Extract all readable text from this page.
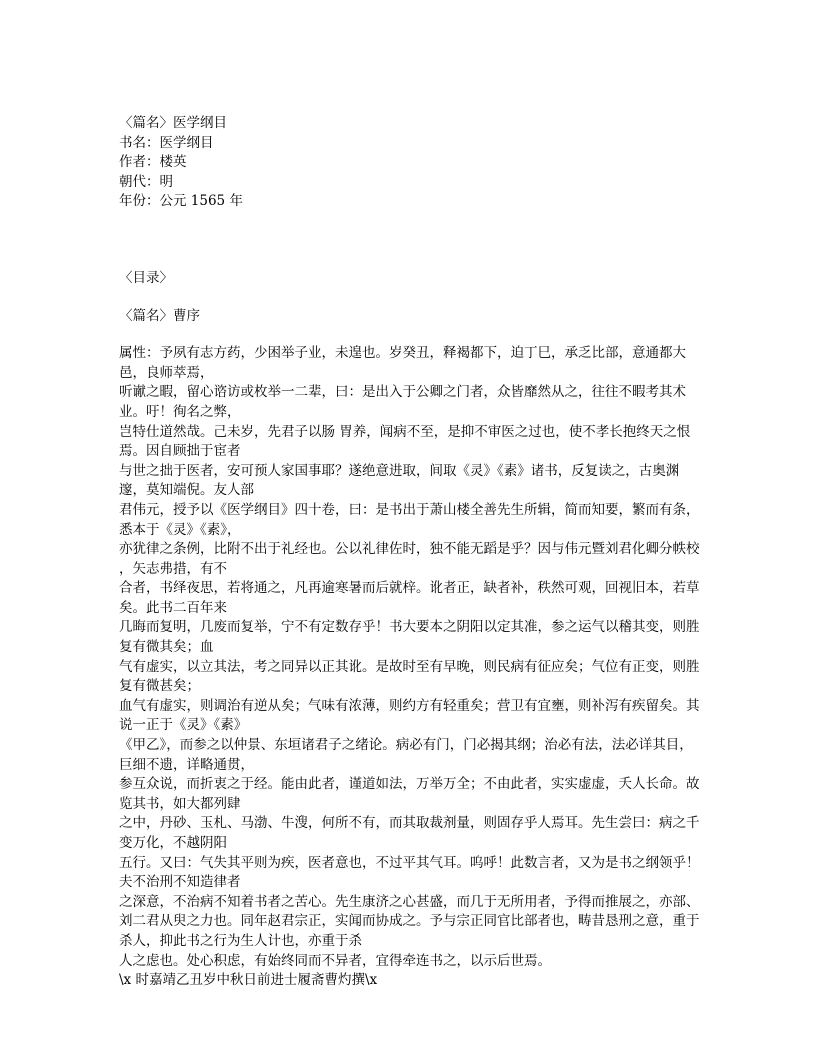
〈篇名〉医学纲目
书名：医学纲目
作者：楼英
朝代：明
年份：公元 1565 年
〈目录〉
〈篇名〉曹序
属性：予夙有志方药，少困举子业，未遑也。岁癸丑，释褐都下，迫丁巳，承乏比部，意通都大邑，良师萃焉，
听谳之暇，留心谘访或枚举一二辈，曰：是出入于公卿之门者，众皆靡然从之，往往不暇考其术业。吁！徇名之弊，
岂特仕道然哉。己未岁，先君子以肠 胃养，闻病不至，是抑不审医之过也，使不孝长抱终天之恨焉。因自顾拙于宦者
与世之拙于医者，安可预人家国事耶？遂绝意进取，间取《灵》《素》诸书，反复读之，古奥渊邃，莫知端倪。友人部
君伟元，授予以《医学纲目》四十卷，曰：是书出于萧山楼全善先生所辑，简而知要，繁而有条，悉本于《灵》《素》，
亦犹律之条例，比附不出于礼经也。公以礼律佐时，独不能无蹈是乎？因与伟元暨刘君化卿分帙校 ，矢志弗措，有不
合者，书绎夜思，若将通之，凡再逾寒暑而后就梓。讹者正，缺者补，秩然可观，回视旧本，若草 矣。此书二百年来
几晦而复明，几废而复举，宁不有定数存乎！书大要本之阴阳以定其准，参之运气以稽其变，则胜复有微其矣；血
气有虚实，以立其法，考之同异以正其讹。是故时至有早晚，则民病有征应矣；气位有正变，则胜复有微甚矣；
血气有虚实，则调治有逆从矣；气味有浓薄，则约方有轻重矣；营卫有宜壅，则补泻有疾留矣。其说一正于《灵》《素》
《甲乙》，而参之以仲景、东垣诸君子之绪论。病必有门，门必揭其纲；治必有法，法必详其目，巨细不遗，详略通贯，
参互众说，而折衷之于经。能由此者，谨道如法，万举万全；不由此者，实实虚虚，夭人长命。故览其书，如大都列肆
之中，丹砂、玉札、马渤、牛溲，何所不有，而其取裁剂量，则固存乎人焉耳。先生尝曰：病之千变万化，不越阴阳
五行。又曰：气失其平则为疾，医者意也，不过平其气耳。呜呼！此数言者，又为是书之纲领乎！夫不治刑不知造律者
之深意，不治病不知着书者之苦心。先生康济之心甚盛，而几于无所用者，予得而推展之，亦部、刘二君从臾之力也。同年赵君宗正，实闻而协成之。予与宗正同官比部者也，畴昔恳刑之意，重于杀人，抑此书之行为生人计也，亦重于杀
人之虑也。处心积虑，有始终同而不异者，宜得牵连书之，以示后世焉。
\x 时嘉靖乙丑岁中秋日前进士履斋曹灼撰\x
